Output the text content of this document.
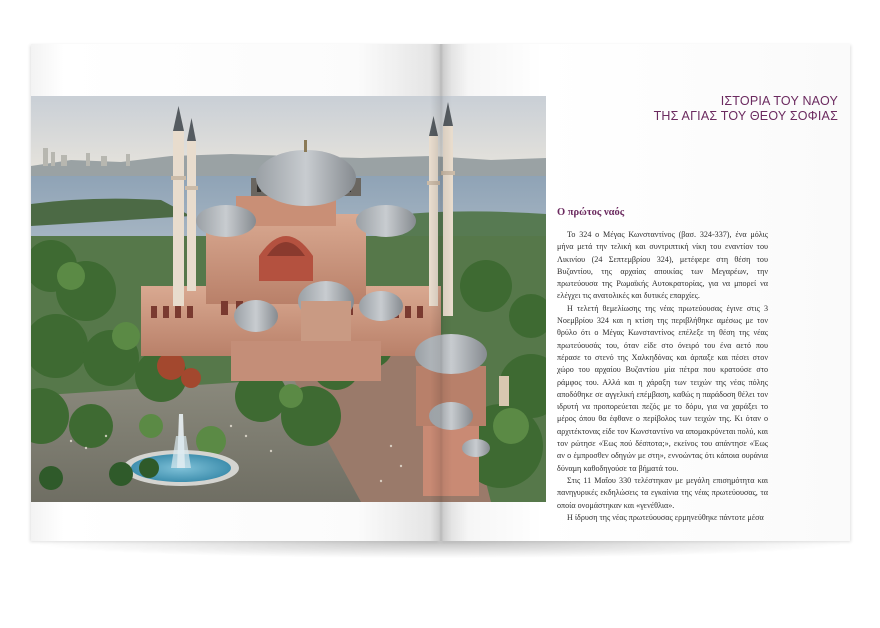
ΙΣΤΟΡΙΑ ΤΟΥ ΝΑΟΥ
ΤΗΣ ΑΓΙΑΣ ΤΟΥ ΘΕΟΥ ΣΟΦΙΑΣ
Ο πρώτος ναός

Το 324 ο Μέγας Κωνσταντίνος (βασ. 324-337), ένα μόλις μήνα μετά την τελική και συντριπτική νίκη του εναντίον του Λικινίου (24 Σεπτεμβρίου 324), μετέφερε στη θέση του Βυζαντίου, της αρχαίας αποικίας των Μεγαρέων, την πρωτεύουσα της Ρωμαϊκής Αυτοκρατορίας, για να μπορεί να ελέγχει τις ανατολικές και δυτικές επαρχίες.

Η τελετή θεμελίωσης της νέας πρωτεύουσας έγινε στις 3 Νοεμβρίου 324 και η κτίση της περιβλήθηκε αμέσως με τον θρύλο ότι ο Μέγας Κωνσταντίνος επέλεξε τη θέση της νέας πρωτεύουσάς του, όταν είδε στο όνειρό του ένα αετό που πέρασε το στενό της Χαλκηδόνας και άρπαξε και πέσει στον χώρο του αρχαίου Βυζαντίου μία πέτρα που κρατούσε στο ράμφος του. Αλλά και η χάραξη των τειχών της νέας πόλης αποδόθηκε σε αγγελική επέμβαση, καθώς η παράδοση θέλει τον ιδρυτή να προπορεύεται πεζός με το δόρυ, για να χαράξει το μέρος όπου θα έφθανε ο περίβολος των τειχών της. Κι όταν ο αρχιτέκτονας είδε τον Κωνσταντίνο να απομακρύνεται πολύ, και τον ρώτησε «Έως πού δέσποτα;», εκείνος του απάντησε «Έως αν ο έμπροσθεν οδηγών με στη», εννοώντας ότι κάποια ουράνια δύναμη καθοδηγούσε τα βήματά του.

Στις 11 Μαΐου 330 τελέστηκαν με μεγάλη επισημότητα και πανηγυρικές εκδηλώσεις τα εγκαίνια της νέας πρωτεύουσας, τα οποία ονομάστηκαν και «γενέθλια».

Η ίδρυση της νέας πρωτεύουσας ερμηνεύθηκε πάντοτε μέσα
